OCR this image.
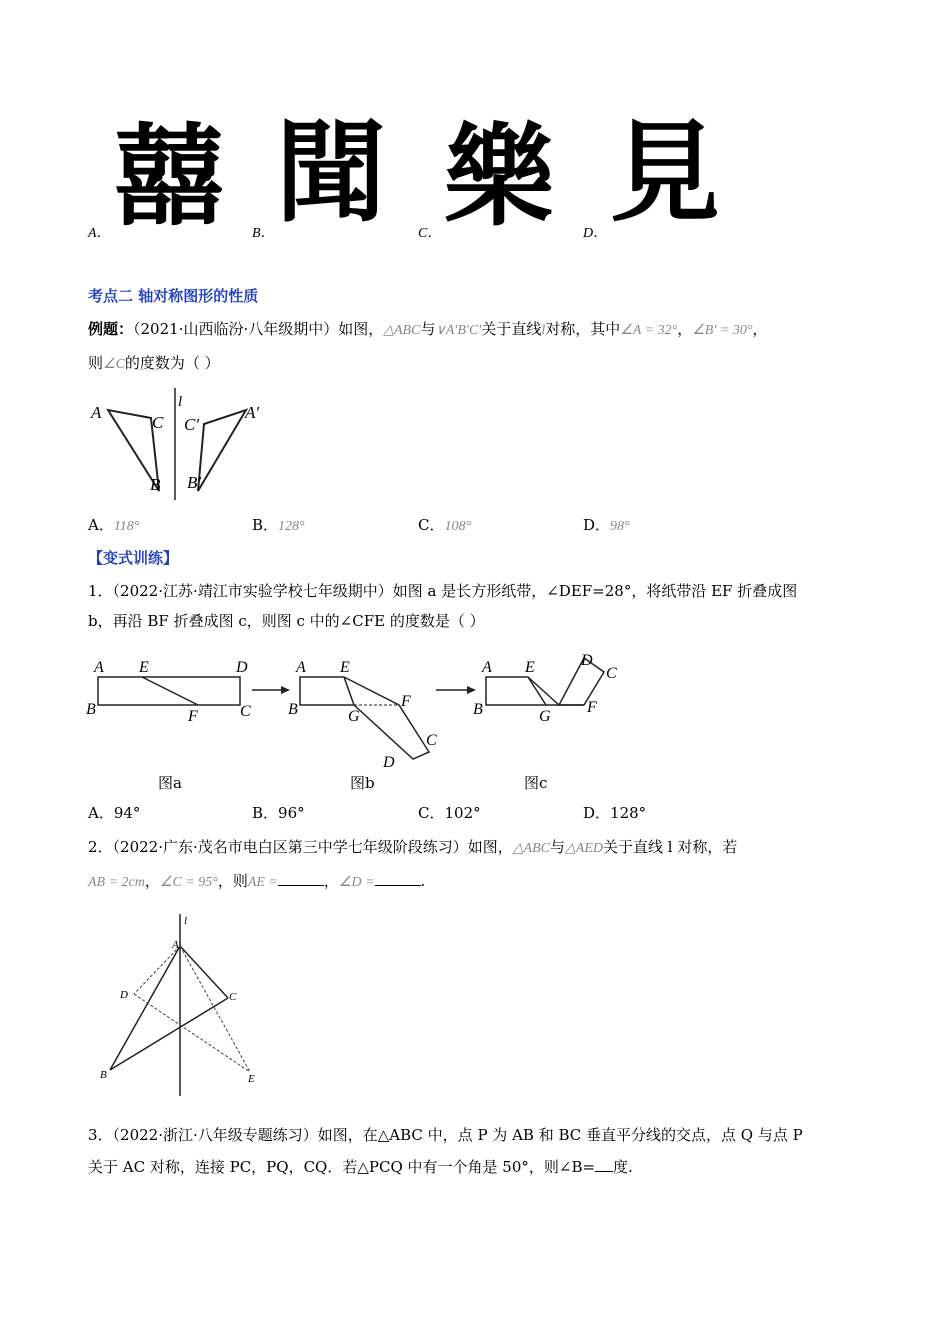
A． 囍 B． 聞 C． 樂 D． 見
考点二 轴对称图形的性质
例题：（2021·山西临汾·八年级期中）如图，△ABC与∨A′B′C′关于直线l对称，其中∠A = 32°，∠B′ = 30°，
则∠C的度数为（ ）
A
B
C
l
A′
B′
C′
A．118°	B．128°	C．108°	D．98°
【变式训练】
1．（2022·江苏·靖江市实验学校七年级期中）如图 a 是长方形纸带，∠DEF=28°，将纸带沿 EF 折叠成图
b，再沿 BF 折叠成图 c，则图 c 中的∠CFE 的度数是（ ）
A E	D
B	F	C
A E
B	G
F
C
D
A E
B	G
F
C
D
图a	图b	图c
A．94°	B．96°	C．102°	D．128°
2．（2022·广东·茂名市电白区第三中学七年级阶段练习）如图，△ABC与△AED关于直线 l 对称，若
AB = 2cm，∠C = 95°，则AE =	，∠D =	.
l
A
D	C
B	E
3．（2022·浙江·八年级专题练习）如图，在△ABC 中，点 P 为 AB 和 BC 垂直平分线的交点，点 Q 与点 P
关于 AC 对称，连接 PC，PQ，CQ．若△PCQ 中有一个角是 50°，则∠B= 度.
